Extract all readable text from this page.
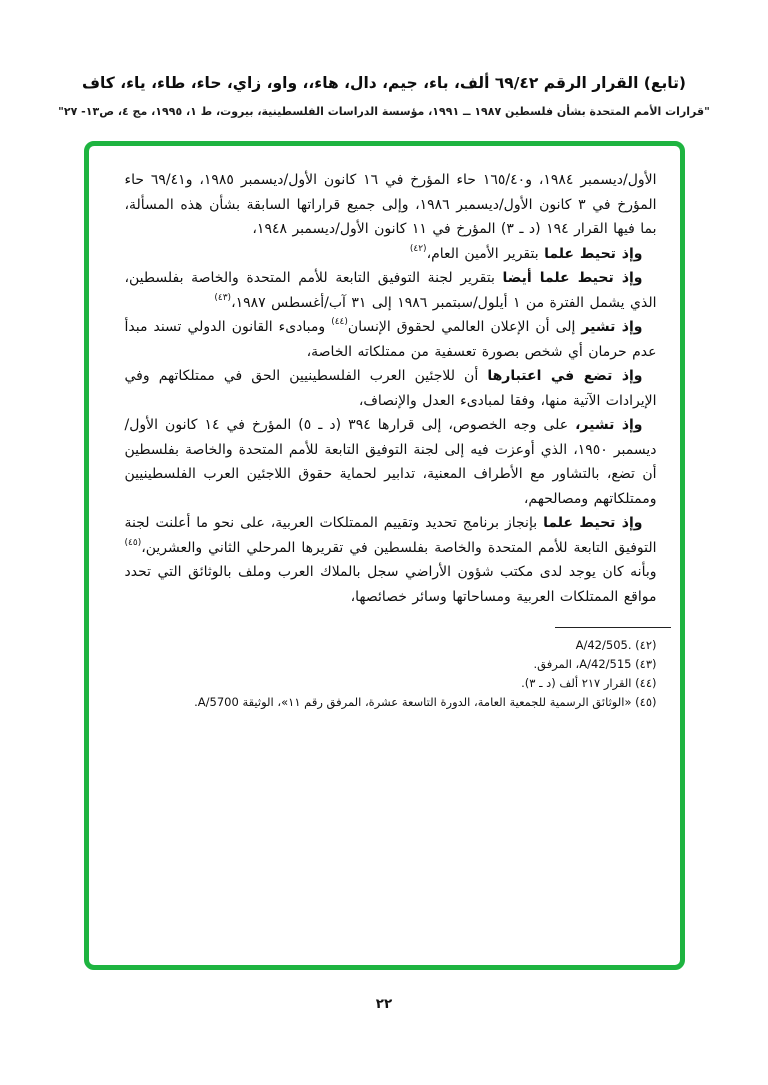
(تابع) القرار الرقم ٦٩/٤٢ ألف، باء، جيم، دال، هاء،، واو، زاي، حاء، طاء، ياء، كاف
"قرارات الأمم المتحدة بشأن فلسطين ١٩٨٧ ــ ١٩٩١، مؤسسة الدراسات الفلسطينية، بيروت، ط ١، ١٩٩٥، مج ٤، ص١٣- ٢٧"

الأول/ديسمبر ١٩٨٤، و١٦٥/٤٠ حاء المؤرخ في ١٦ كانون الأول/ديسمبر ١٩٨٥، و٦٩/٤١ حاء المؤرخ في ٣ كانون الأول/ديسمبر ١٩٨٦، وإلى جميع قراراتها السابقة بشأن هذه المسألة، بما فيها القرار ١٩٤ (د ـ ٣) المؤرخ في ١١ كانون الأول/ديسمبر ١٩٤٨،

وإذ تحيط علما بتقرير الأمين العام،$^{(٤٢)}$

وإذ تحيط علما أيضا بتقرير لجنة التوفيق التابعة للأمم المتحدة والخاصة بفلسطين، الذي يشمل الفترة من ١ أيلول/سبتمبر ١٩٨٦ إلى ٣١ آب/أغسطس ١٩٨٧،$^{(٤٣)}$

وإذ تشير إلى أن الإعلان العالمي لحقوق الإنسان$^{(٤٤)}$ ومبادىء القانون الدولي تسند مبدأ عدم حرمان أي شخص بصورة تعسفية من ممتلكاته الخاصة،

وإذ تضع في اعتبارها أن للاجئين العرب الفلسطينيين الحق في ممتلكاتهم وفي الإيرادات الآتية منها، وفقا لمبادىء العدل والإنصاف،

وإذ تشير، على وجه الخصوص، إلى قرارها ٣٩٤ (د ـ ٥) المؤرخ في ١٤ كانون الأول/ديسمبر ١٩٥٠، الذي أوعزت فيه إلى لجنة التوفيق التابعة للأمم المتحدة والخاصة بفلسطين أن تضع، بالتشاور مع الأطراف المعنية، تدابير لحماية حقوق اللاجئين العرب الفلسطينيين وممتلكاتهم ومصالحهم،

وإذ تحيط علما بإنجاز برنامج تحديد وتقييم الممتلكات العربية، على نحو ما أعلنت لجنة التوفيق التابعة للأمم المتحدة والخاصة بفلسطين في تقريرها المرحلي الثاني والعشرين،$^{(٤٥)}$ وبأنه كان يوجد لدى مكتب شؤون الأراضي سجل بالملاك العرب وملف بالوثائق التي تحدد مواقع الممتلكات العربية ومساحاتها وسائر خصائصها،

(٤٢) A/42/505.

(٤٣) A/42/515، المرفق.

(٤٤) القرار ٢١٧ ألف (د ـ ٣).

(٤٥) «الوثائق الرسمية للجمعية العامة، الدورة التاسعة عشرة، المرفق رقم ١١»، الوثيقة A/5700.

٢٢
